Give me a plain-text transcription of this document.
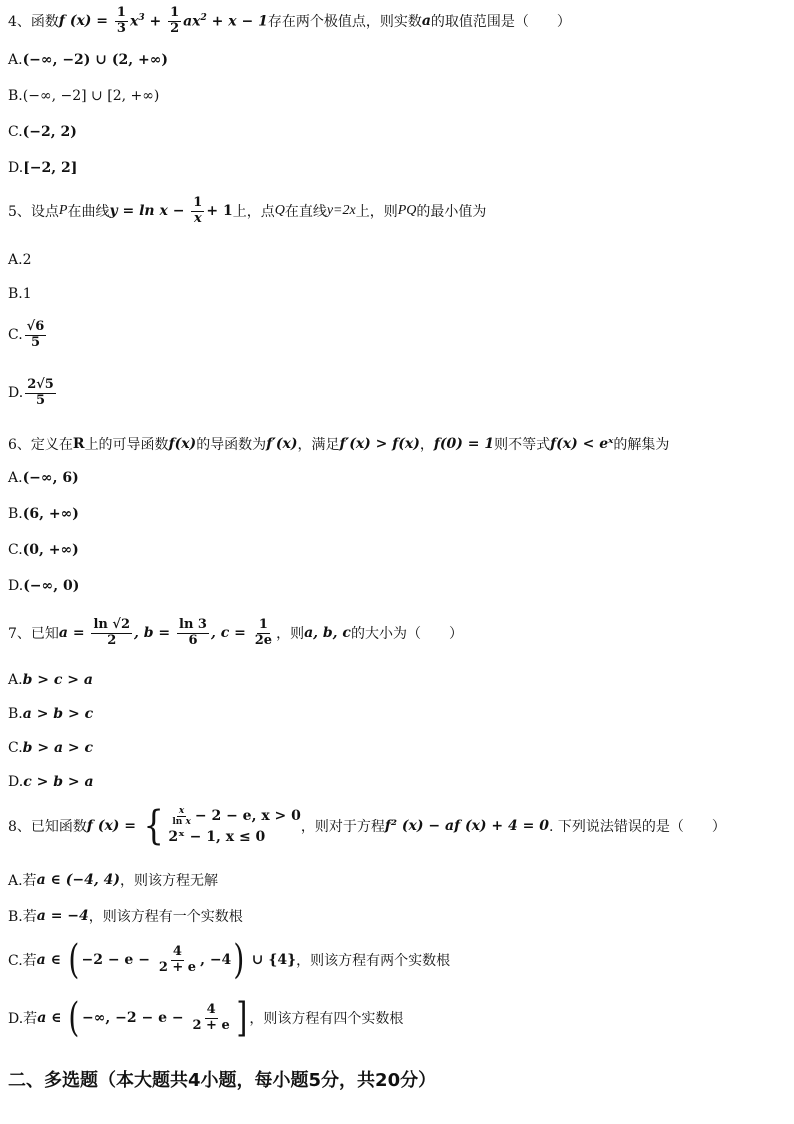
4、函数 f $(x) = \frac{1}{3} x^3 + \frac{1}{2} ax^2 + x - 1$ 存在两个极值点，则实数 a 的取值范围是（　　）
A. (−∞, −2) ∪ (2, +∞)
B. (−∞, −2] ∪ [2, +∞)
C. (−2, 2)
D. [−2, 2]
5、设点 P 在曲线 $y = \ln x - \frac{1}{x} + 1$ 上，点 Q 在直线 y=2x 上，则 PQ 的最小值为
A. 2
B. 1
C. $\frac{√6}{5}$
D. $\frac{2√5}{5}$
6、定义在 R 上的可导函数 f(x) 的导函数为 f′(x) ，满足 f′(x) > f(x) ， f(0) = 1 则不等式 f(x) < eˣ 的解集为
A. (−∞, 6)
B. (6, +∞)
C. (0, +∞)
D. (−∞, 0)
7、已知 $a = \frac{\ln √2}{2}$ , $b = \frac{\ln 3}{6}$ , $c = \frac{1}{2e}$ ，则 a, b, c 的大小为（　　）
A. b > c > a
B. a > b > c
C. b > a > c
D. c > b > a
8、已知函数 f (x) = { $\frac{x}{\text{ln x}} - 2 - e$, x > 0
2ˣ − 1, x ≤ 0
，则对于方程 f² (x) − af (x) + 4 = 0 . 下列说法错误的是（　　）
A.若 a ∈ (−4, 4) ，则该方程无解
B.若 a = −4 ，则该方程有一个实数根
C.若 a ∈ ( $-2 - e - \frac{4}{2 + e}$ , −4 ) ∪ {4} ，则该方程有两个实数根
D.若 a ∈ ( −∞, $-2 - e - \frac{4}{2 + e}$ ] ，则该方程有四个实数根
二、多选题（本大题共4小题，每小题5分，共20分）
